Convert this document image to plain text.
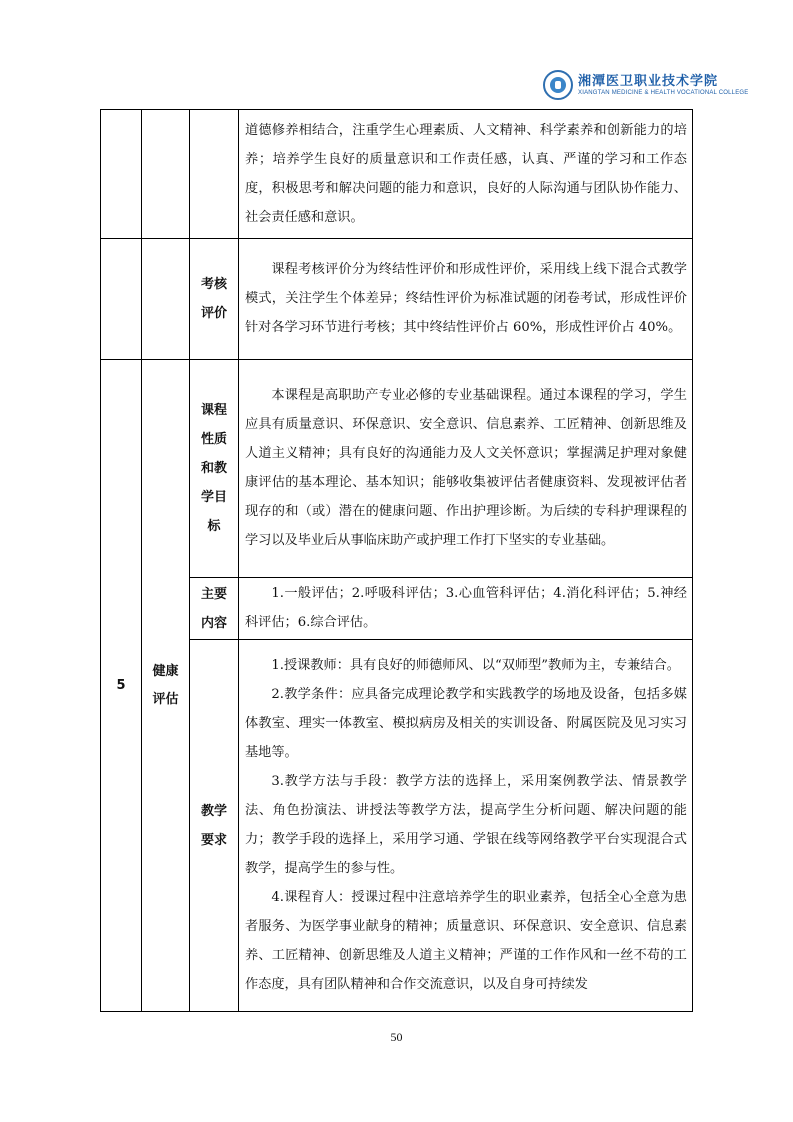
湘潭医卫职业技术学院
XIANGTAN MEDICINE & HEALTH VOCATIONAL COLLEGE

			道德修养相结合，注重学生心理素质、人文精神、科学素养和创新能力的培养；培养学生良好的质量意识和工作责任感，认真、严谨的学习和工作态度，积极思考和解决问题的能力和意识，良好的人际沟通与团队协作能力、社会责任感和意识。

		考核评价	课程考核评价分为终结性评价和形成性评价，采用线上线下混合式教学模式，关注学生个体差异；终结性评价为标准试题的闭卷考试，形成性评价针对各学习环节进行考核；其中终结性评价占 60%，形成性评价占 40%。

5	健康评估	课程性质和教学目标	本课程是高职助产专业必修的专业基础课程。通过本课程的学习，学生应具有质量意识、环保意识、安全意识、信息素养、工匠精神、创新思维及人道主义精神；具有良好的沟通能力及人文关怀意识；掌握满足护理对象健康评估的基本理论、基本知识；能够收集被评估者健康资料、发现被评估者现存的和（或）潜在的健康问题、作出护理诊断。为后续的专科护理课程的学习以及毕业后从事临床助产或护理工作打下坚实的专业基础。

		主要内容	1.一般评估；2.呼吸科评估；3.心血管科评估；4.消化科评估；5.神经科评估；6.综合评估。

		教学要求	1.授课教师：具有良好的师德师风、以“双师型”教师为主，专兼结合。

2.教学条件：应具备完成理论教学和实践教学的场地及设备，包括多媒体教室、理实一体教室、模拟病房及相关的实训设备、附属医院及见习实习基地等。

3.教学方法与手段：教学方法的选择上，采用案例教学法、情景教学法、角色扮演法、讲授法等教学方法，提高学生分析问题、解决问题的能力；教学手段的选择上，采用学习通、学银在线等网络教学平台实现混合式教学，提高学生的参与性。

4.课程育人：授课过程中注意培养学生的职业素养，包括全心全意为患者服务、为医学事业献身的精神；质量意识、环保意识、安全意识、信息素养、工匠精神、创新思维及人道主义精神；严谨的工作作风和一丝不苟的工作态度，具有团队精神和合作交流意识，以及自身可持续发

50
